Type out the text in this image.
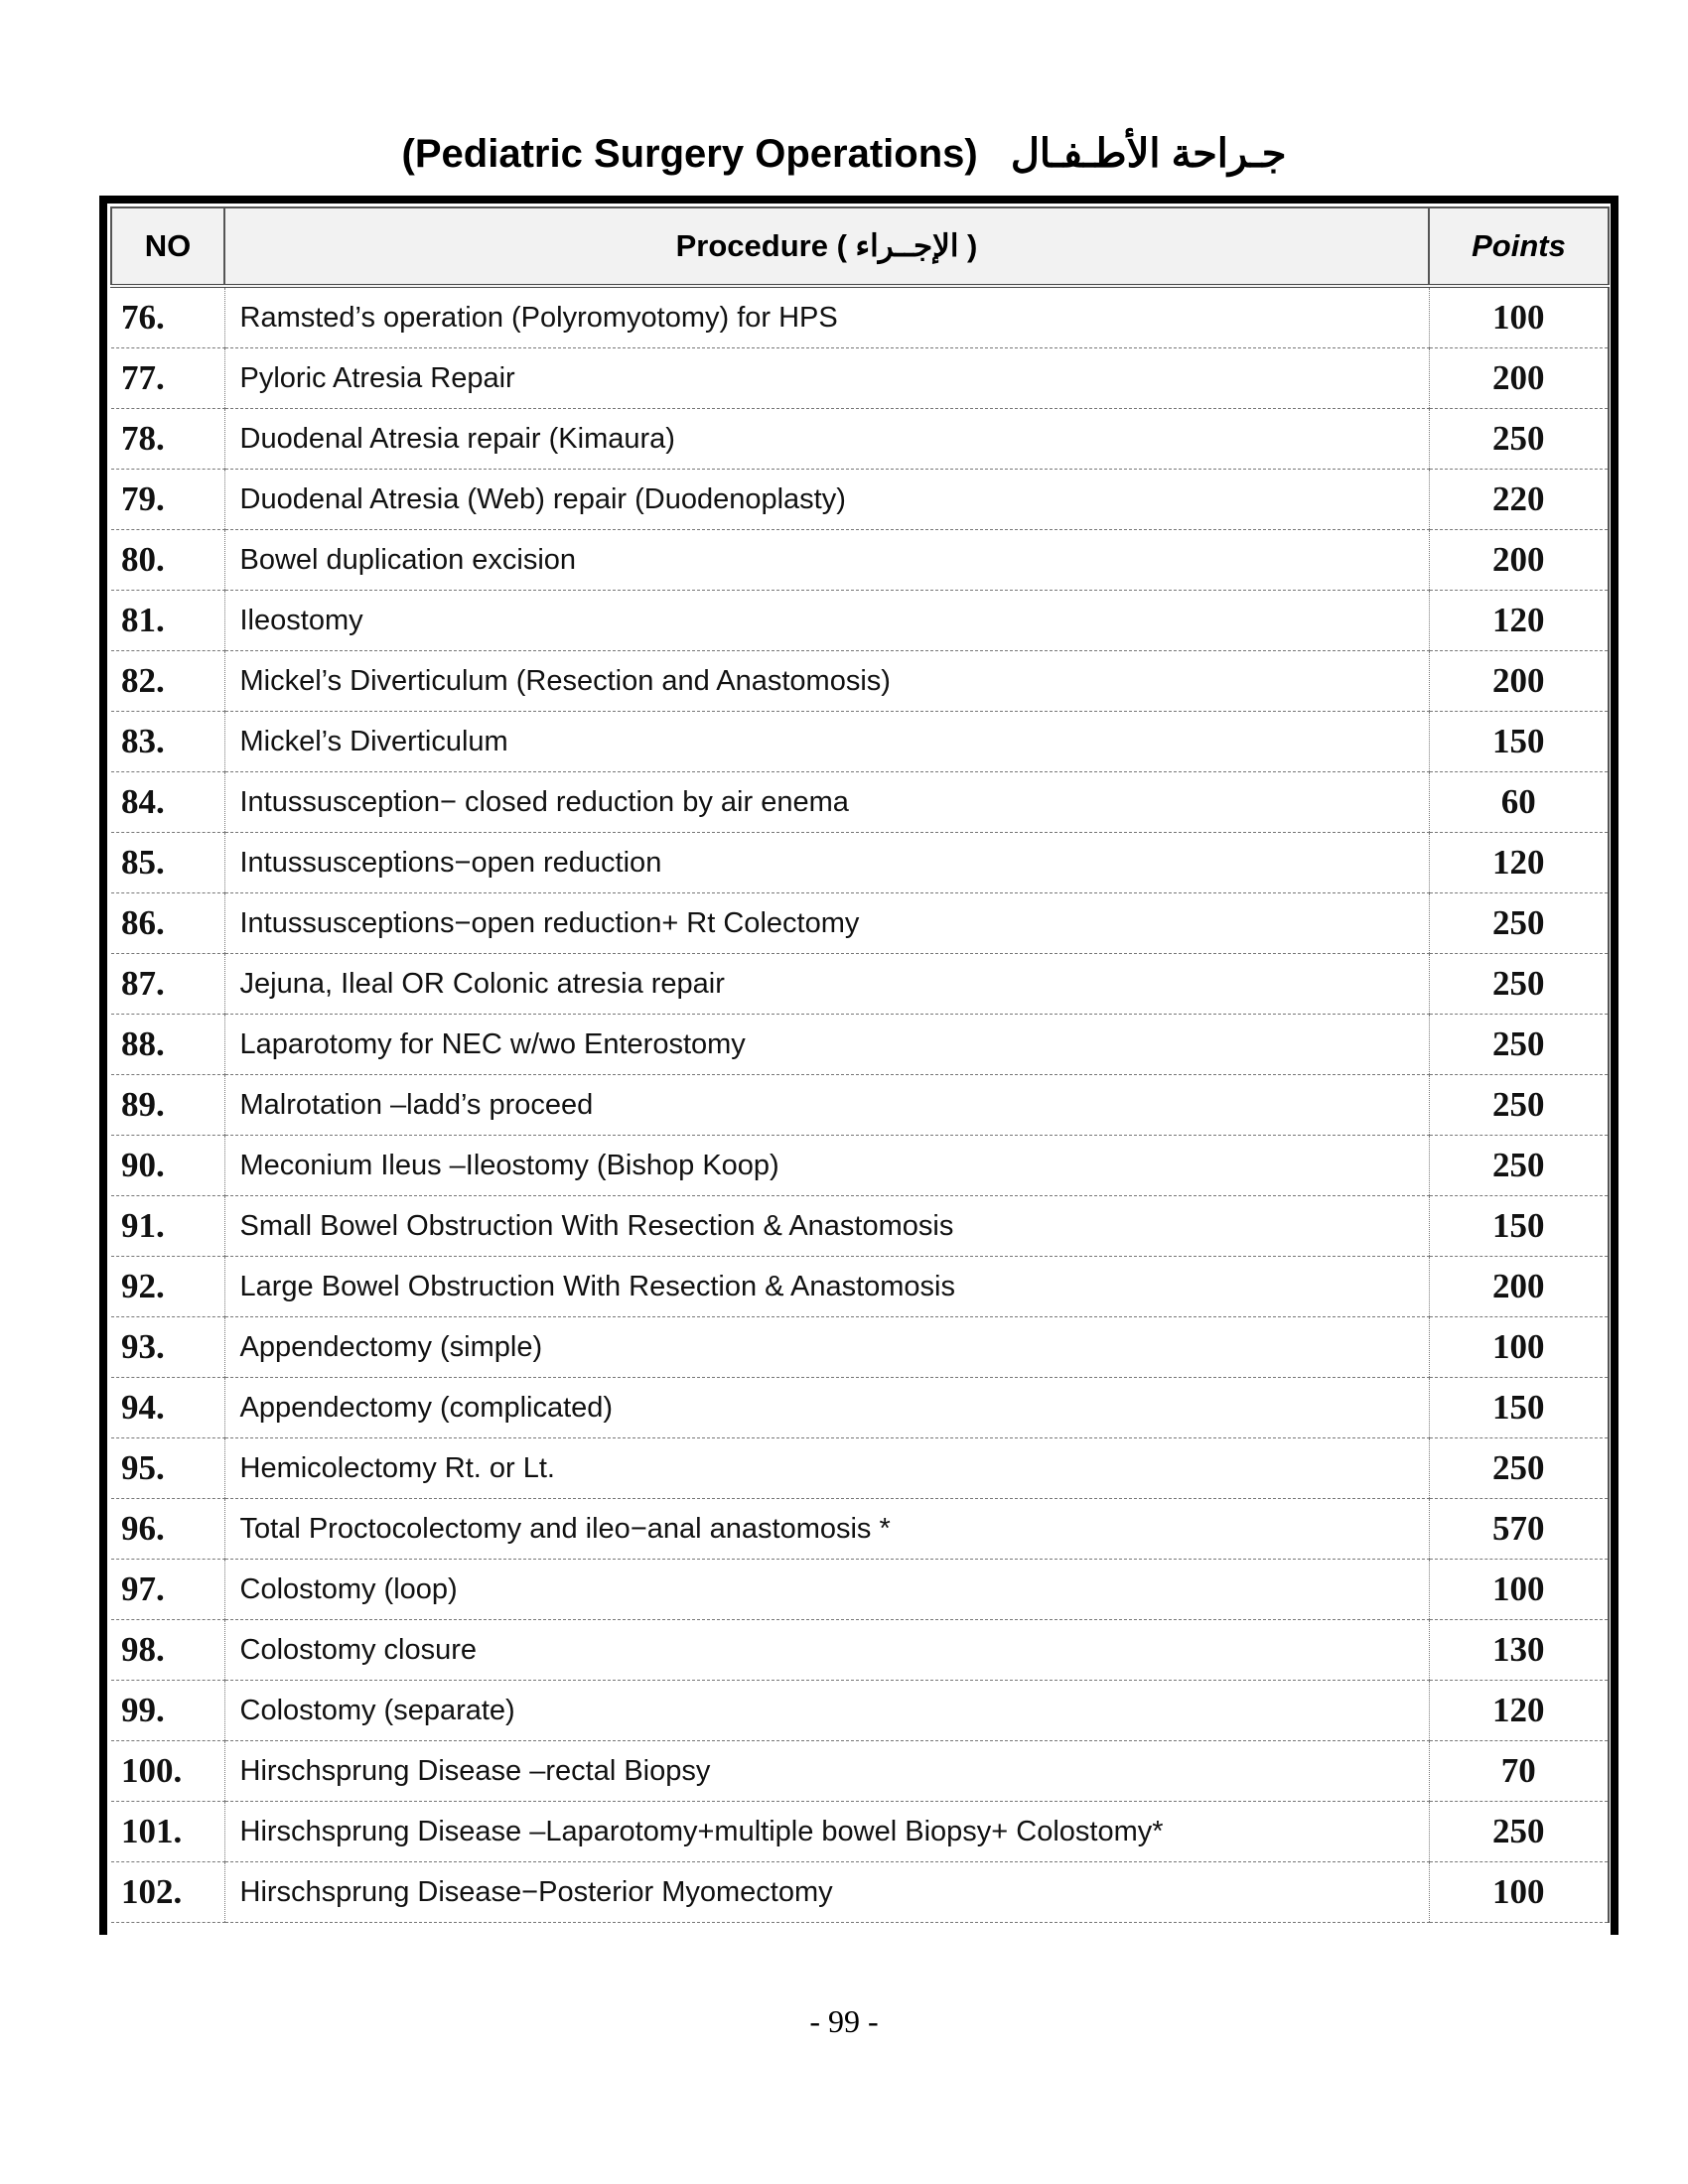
(Pediatric Surgery Operations) جـراحة الأطـفـال
NO	Procedure ( الإجــراء )	Points
76.	Ramsted’s operation (Polyromyotomy) for HPS	100
77.	Pyloric Atresia Repair	200
78.	Duodenal Atresia repair (Kimaura)	250
79.	Duodenal Atresia (Web) repair (Duodenoplasty)	220
80.	Bowel duplication excision	200
81.	Ileostomy	120
82.	Mickel’s Diverticulum (Resection and Anastomosis)	200
83.	Mickel’s Diverticulum	150
84.	Intussusception− closed reduction by air enema	60
85.	Intussusceptions−open reduction	120
86.	Intussusceptions−open reduction+ Rt Colectomy	250
87.	Jejuna, Ileal OR Colonic atresia repair	250
88.	Laparotomy for NEC w/wo Enterostomy	250
89.	Malrotation –ladd’s proceed	250
90.	Meconium Ileus –Ileostomy (Bishop Koop)	250
91.	Small Bowel Obstruction With Resection & Anastomosis	150
92.	Large Bowel Obstruction With Resection & Anastomosis	200
93.	Appendectomy (simple)	100
94.	Appendectomy (complicated)	150
95.	Hemicolectomy Rt. or Lt.	250
96.	Total Proctocolectomy and ileo−anal anastomosis *	570
97.	Colostomy (loop)	100
98.	Colostomy closure	130
99.	Colostomy (separate)	120
100.	Hirschsprung Disease –rectal Biopsy	70
101.	Hirschsprung Disease –Laparotomy+multiple bowel Biopsy+ Colostomy*	250
102.	Hirschsprung Disease−Posterior Myomectomy	100
- 99 -
